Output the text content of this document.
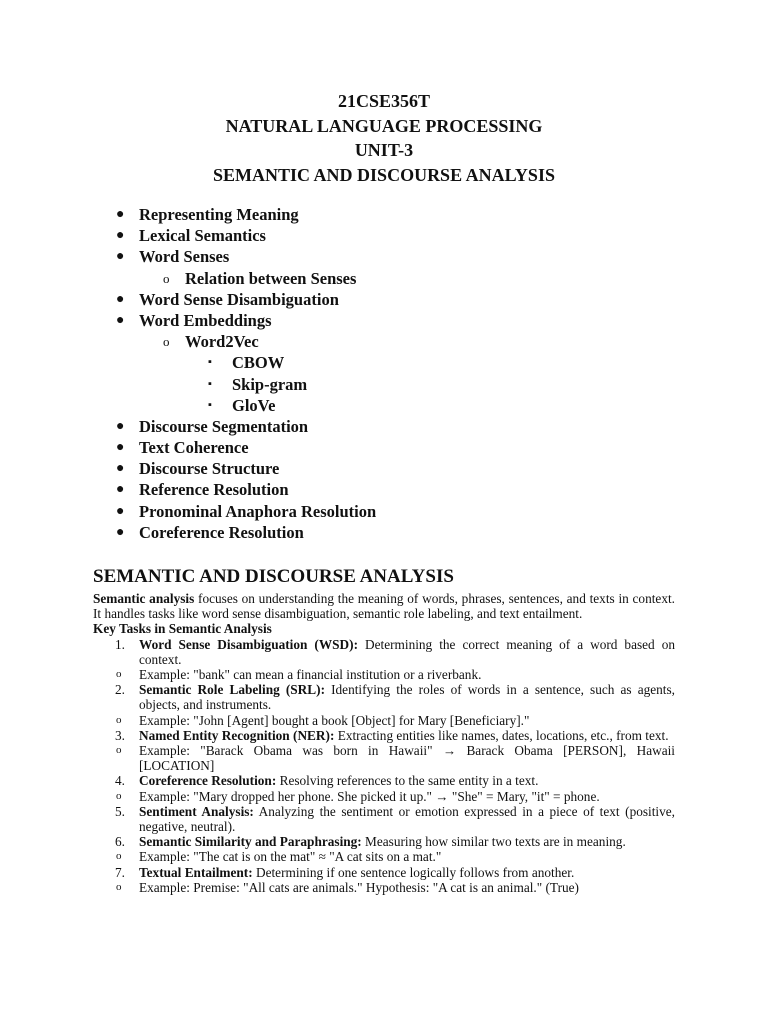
21CSE356T
NATURAL LANGUAGE PROCESSING
UNIT-3
SEMANTIC AND DISCOURSE ANALYSIS
● Representing Meaning
● Lexical Semantics
● Word Senses
o Relation between Senses
● Word Sense Disambiguation
● Word Embeddings
o Word2Vec
▪ CBOW
▪ Skip-gram
▪ GloVe
● Discourse Segmentation
● Text Coherence
● Discourse Structure
● Reference Resolution
● Pronominal Anaphora Resolution
● Coreference Resolution
SEMANTIC AND DISCOURSE ANALYSIS
Semantic analysis focuses on understanding the meaning of words, phrases, sentences, and texts in context. It handles tasks like word sense disambiguation, semantic role labeling, and text entailment.
Key Tasks in Semantic Analysis
1. Word Sense Disambiguation (WSD): Determining the correct meaning of a word based on context.
o Example: "bank" can mean a financial institution or a riverbank.
2. Semantic Role Labeling (SRL): Identifying the roles of words in a sentence, such as agents, objects, and instruments.
o Example: "John [Agent] bought a book [Object] for Mary [Beneficiary]."
3. Named Entity Recognition (NER): Extracting entities like names, dates, locations, etc., from text.
o Example: "Barack Obama was born in Hawaii" → Barack Obama [PERSON], Hawaii [LOCATION]
4. Coreference Resolution: Resolving references to the same entity in a text.
o Example: "Mary dropped her phone. She picked it up." → "She" = Mary, "it" = phone.
5. Sentiment Analysis: Analyzing the sentiment or emotion expressed in a piece of text (positive, negative, neutral).
6. Semantic Similarity and Paraphrasing: Measuring how similar two texts are in meaning.
o Example: "The cat is on the mat" ≈ "A cat sits on a mat."
7. Textual Entailment: Determining if one sentence logically follows from another.
o Example: Premise: "All cats are animals." Hypothesis: "A cat is an animal." (True)
